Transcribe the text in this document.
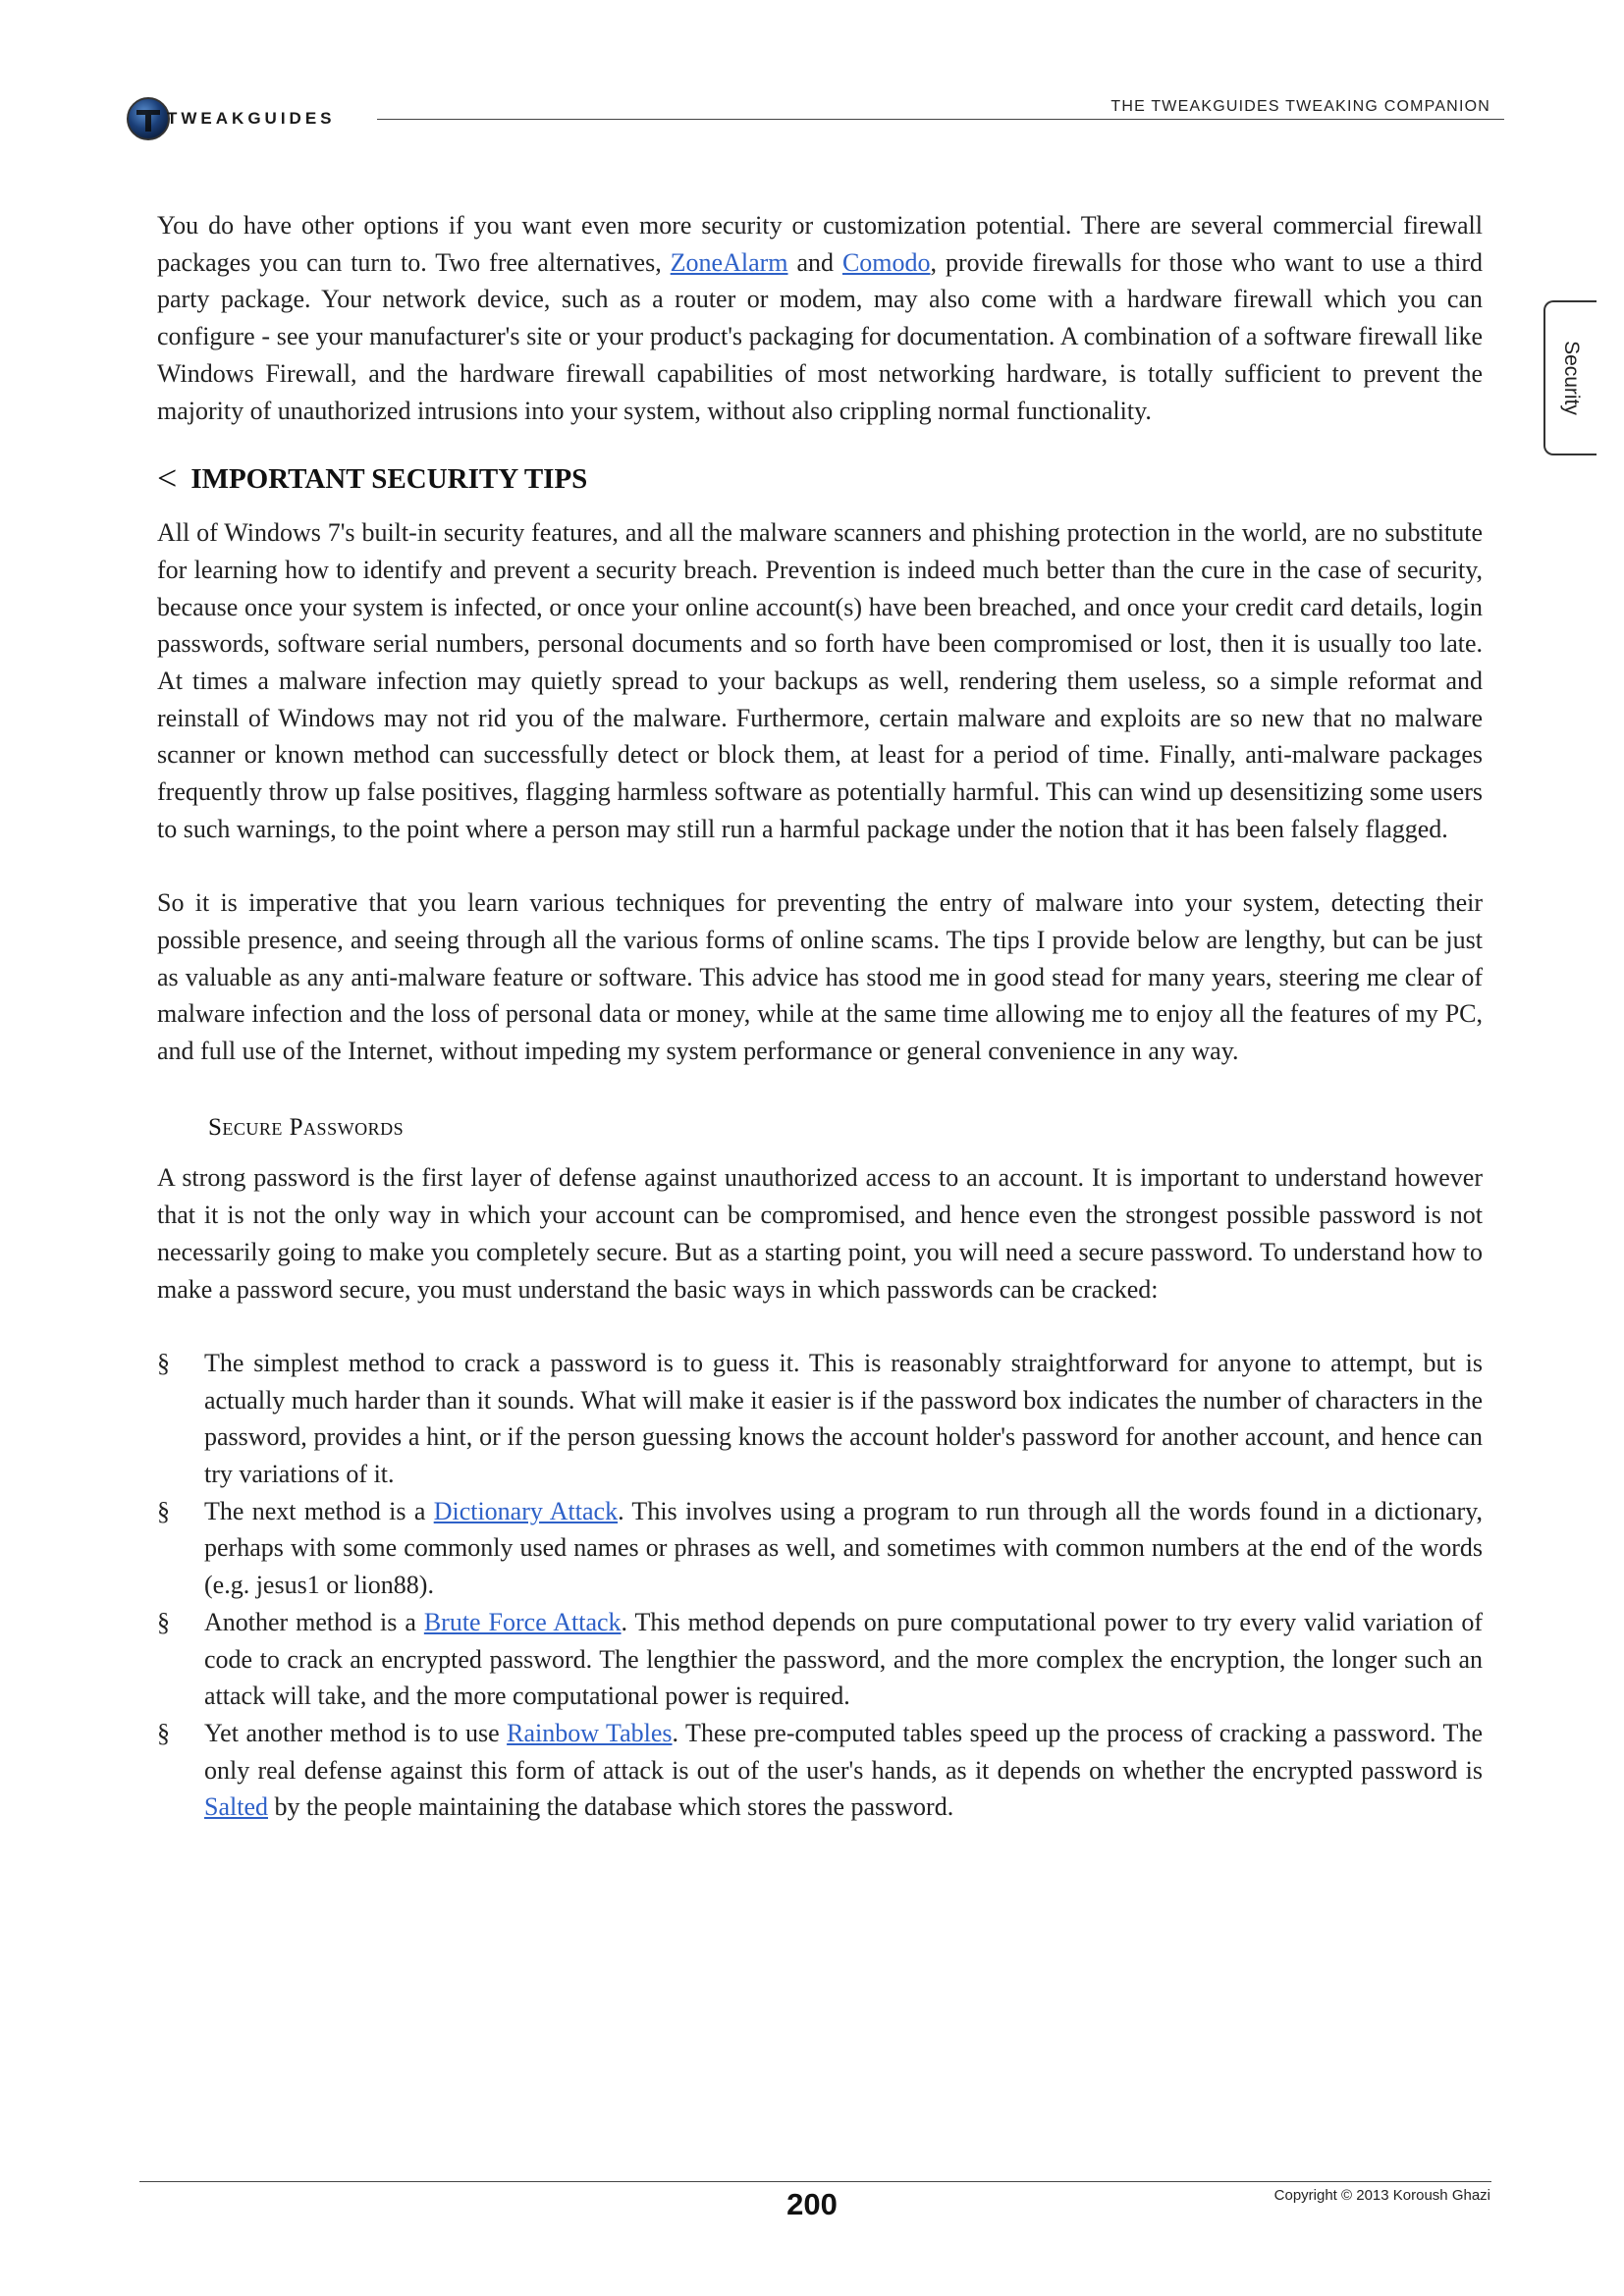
TWEAKGUIDES
THE TWEAKGUIDES TWEAKING COMPANION
Security

You do have other options if you want even more security or customization potential. There are several commercial firewall packages you can turn to. Two free alternatives, ZoneAlarm and Comodo, provide firewalls for those who want to use a third party package. Your network device, such as a router or modem, may also come with a hardware firewall which you can configure - see your manufacturer's site or your product's packaging for documentation. A combination of a software firewall like Windows Firewall, and the hardware firewall capabilities of most networking hardware, is totally sufficient to prevent the majority of unauthorized intrusions into your system, without also crippling normal functionality.

< IMPORTANT SECURITY TIPS

All of Windows 7's built-in security features, and all the malware scanners and phishing protection in the world, are no substitute for learning how to identify and prevent a security breach. Prevention is indeed much better than the cure in the case of security, because once your system is infected, or once your online account(s) have been breached, and once your credit card details, login passwords, software serial numbers, personal documents and so forth have been compromised or lost, then it is usually too late. At times a malware infection may quietly spread to your backups as well, rendering them useless, so a simple reformat and reinstall of Windows may not rid you of the malware. Furthermore, certain malware and exploits are so new that no malware scanner or known method can successfully detect or block them, at least for a period of time. Finally, anti-malware packages frequently throw up false positives, flagging harmless software as potentially harmful. This can wind up desensitizing some users to such warnings, to the point where a person may still run a harmful package under the notion that it has been falsely flagged.

So it is imperative that you learn various techniques for preventing the entry of malware into your system, detecting their possible presence, and seeing through all the various forms of online scams. The tips I provide below are lengthy, but can be just as valuable as any anti-malware feature or software. This advice has stood me in good stead for many years, steering me clear of malware infection and the loss of personal data or money, while at the same time allowing me to enjoy all the features of my PC, and full use of the Internet, without impeding my system performance or general convenience in any way.

Secure Passwords

A strong password is the first layer of defense against unauthorized access to an account. It is important to understand however that it is not the only way in which your account can be compromised, and hence even the strongest possible password is not necessarily going to make you completely secure. But as a starting point, you will need a secure password. To understand how to make a password secure, you must understand the basic ways in which passwords can be cracked:

§ The simplest method to crack a password is to guess it. This is reasonably straightforward for anyone to attempt, but is actually much harder than it sounds. What will make it easier is if the password box indicates the number of characters in the password, provides a hint, or if the person guessing knows the account holder's password for another account, and hence can try variations of it.
§ The next method is a Dictionary Attack. This involves using a program to run through all the words found in a dictionary, perhaps with some commonly used names or phrases as well, and sometimes with common numbers at the end of the words (e.g. jesus1 or lion88).
§ Another method is a Brute Force Attack. This method depends on pure computational power to try every valid variation of code to crack an encrypted password. The lengthier the password, and the more complex the encryption, the longer such an attack will take, and the more computational power is required.
§ Yet another method is to use Rainbow Tables. These pre-computed tables speed up the process of cracking a password. The only real defense against this form of attack is out of the user's hands, as it depends on whether the encrypted password is Salted by the people maintaining the database which stores the password.
200	Copyright © 2013 Koroush Ghazi
